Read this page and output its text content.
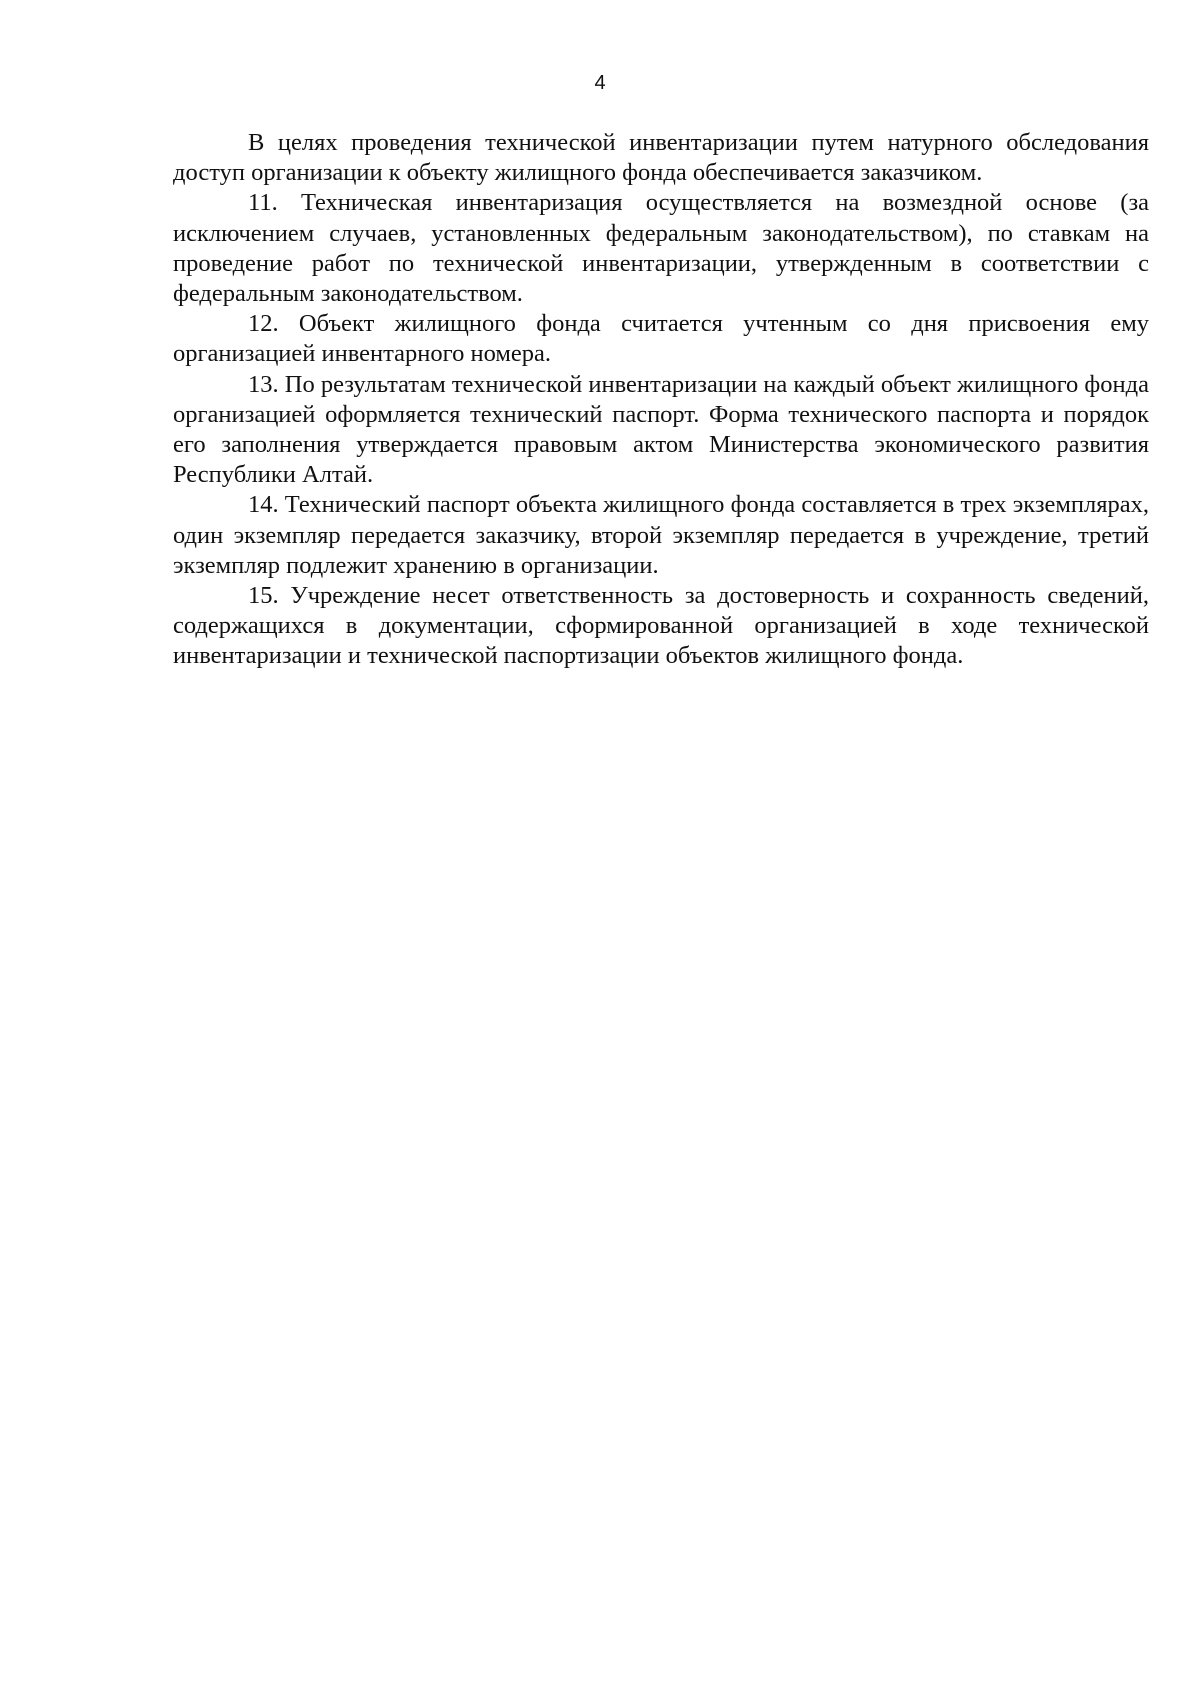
4

В целях проведения технической инвентаризации путем натурного обследования доступ организации к объекту жилищного фонда обеспечивается заказчиком.

11. Техническая инвентаризация осуществляется на возмездной основе (за исключением случаев, установленных федеральным законодательством), по ставкам на проведение работ по технической инвентаризации, утвержденным в соответствии с федеральным законодательством.

12. Объект жилищного фонда считается учтенным со дня присвоения ему организацией инвентарного номера.

13. По результатам технической инвентаризации на каждый объект жилищного фонда организацией оформляется технический паспорт. Форма технического паспорта и порядок его заполнения утверждается правовым актом Министерства экономического развития Республики Алтай.

14. Технический паспорт объекта жилищного фонда составляется в трех экземплярах, один экземпляр передается заказчику, второй экземпляр передается в учреждение, третий экземпляр подлежит хранению в организации.

15. Учреждение несет ответственность за достоверность и сохранность сведений, содержащихся в документации, сформированной организацией в ходе технической инвентаризации и технической паспортизации объектов жилищного фонда.
